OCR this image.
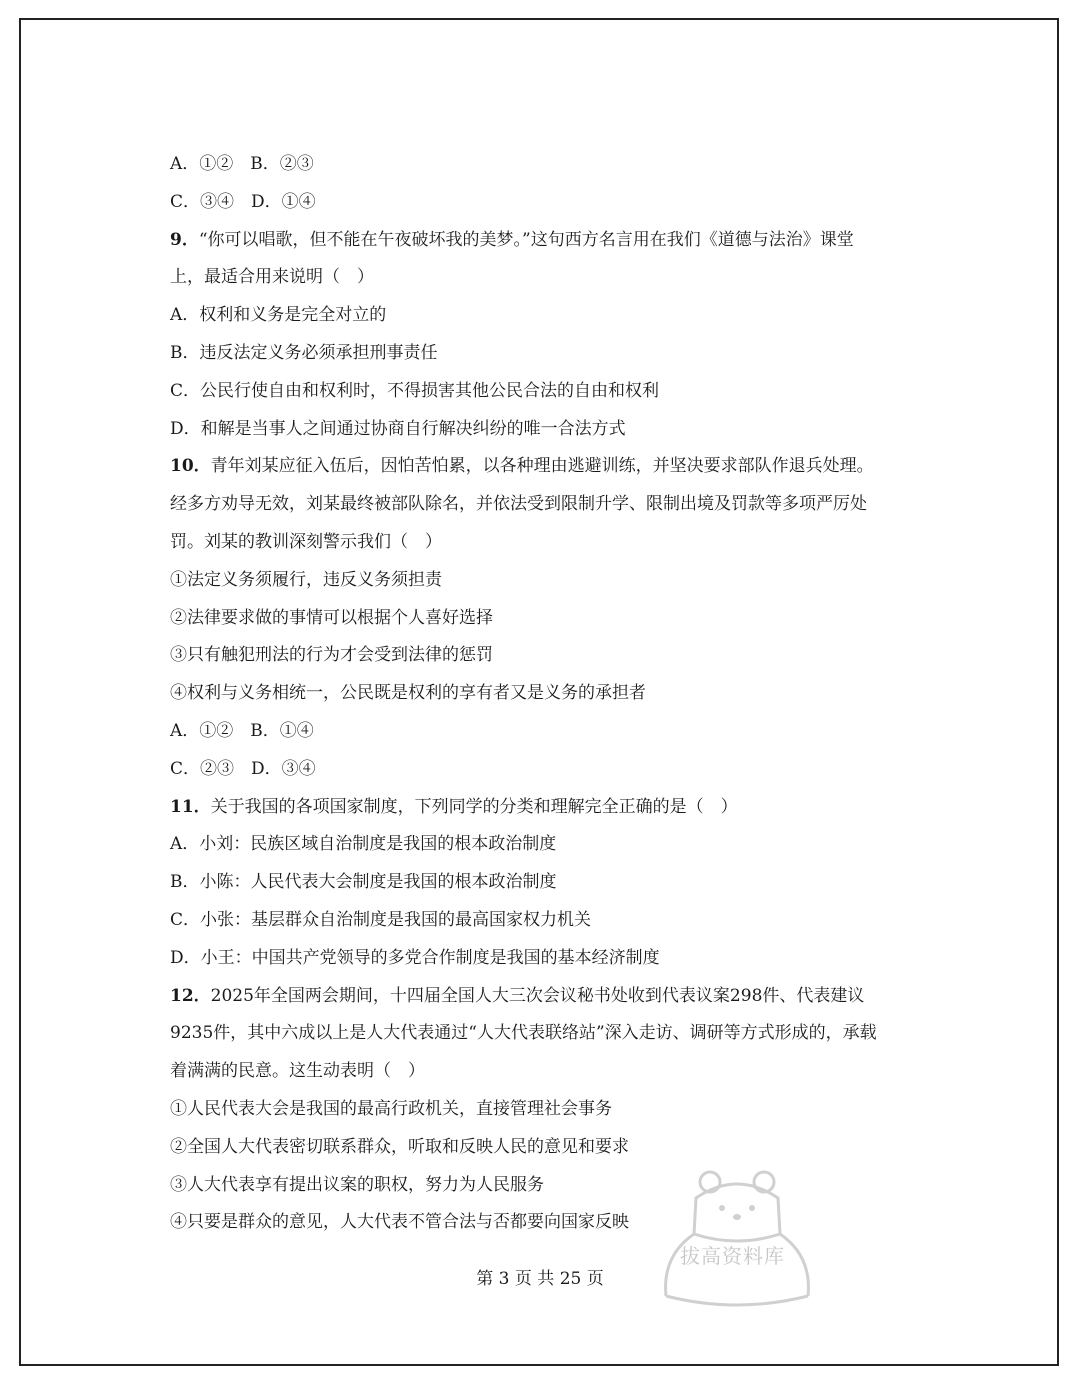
A．①②　B．②③
C．③④　D．①④
9．“你可以唱歌，但不能在午夜破坏我的美梦。”这句西方名言用在我们《道德与法治》课堂
上，最适合用来说明（　）
A．权利和义务是完全对立的
B．违反法定义务必须承担刑事责任
C．公民行使自由和权利时，不得损害其他公民合法的自由和权利
D．和解是当事人之间通过协商自行解决纠纷的唯一合法方式
10．青年刘某应征入伍后，因怕苦怕累，以各种理由逃避训练，并坚决要求部队作退兵处理。
经多方劝导无效，刘某最终被部队除名，并依法受到限制升学、限制出境及罚款等多项严厉处
罚。刘某的教训深刻警示我们（　）
①法定义务须履行，违反义务须担责
②法律要求做的事情可以根据个人喜好选择
③只有触犯刑法的行为才会受到法律的惩罚
④权利与义务相统一，公民既是权利的享有者又是义务的承担者
A．①②　B．①④
C．②③　D．③④
11．关于我国的各项国家制度，下列同学的分类和理解完全正确的是（　）
A．小刘：民族区域自治制度是我国的根本政治制度
B．小陈：人民代表大会制度是我国的根本政治制度
C．小张：基层群众自治制度是我国的最高国家权力机关
D．小王：中国共产党领导的多党合作制度是我国的基本经济制度
12．2025年全国两会期间，十四届全国人大三次会议秘书处收到代表议案298件、代表建议
9235件，其中六成以上是人大代表通过“人大代表联络站”深入走访、调研等方式形成的，承载
着满满的民意。这生动表明（　）
①人民代表大会是我国的最高行政机关，直接管理社会事务
②全国人大代表密切联系群众，听取和反映人民的意见和要求
③人大代表享有提出议案的职权，努力为人民服务
④只要是群众的意见，人大代表不管合法与否都要向国家反映
第 3 页 共 25 页
拔高资料库
